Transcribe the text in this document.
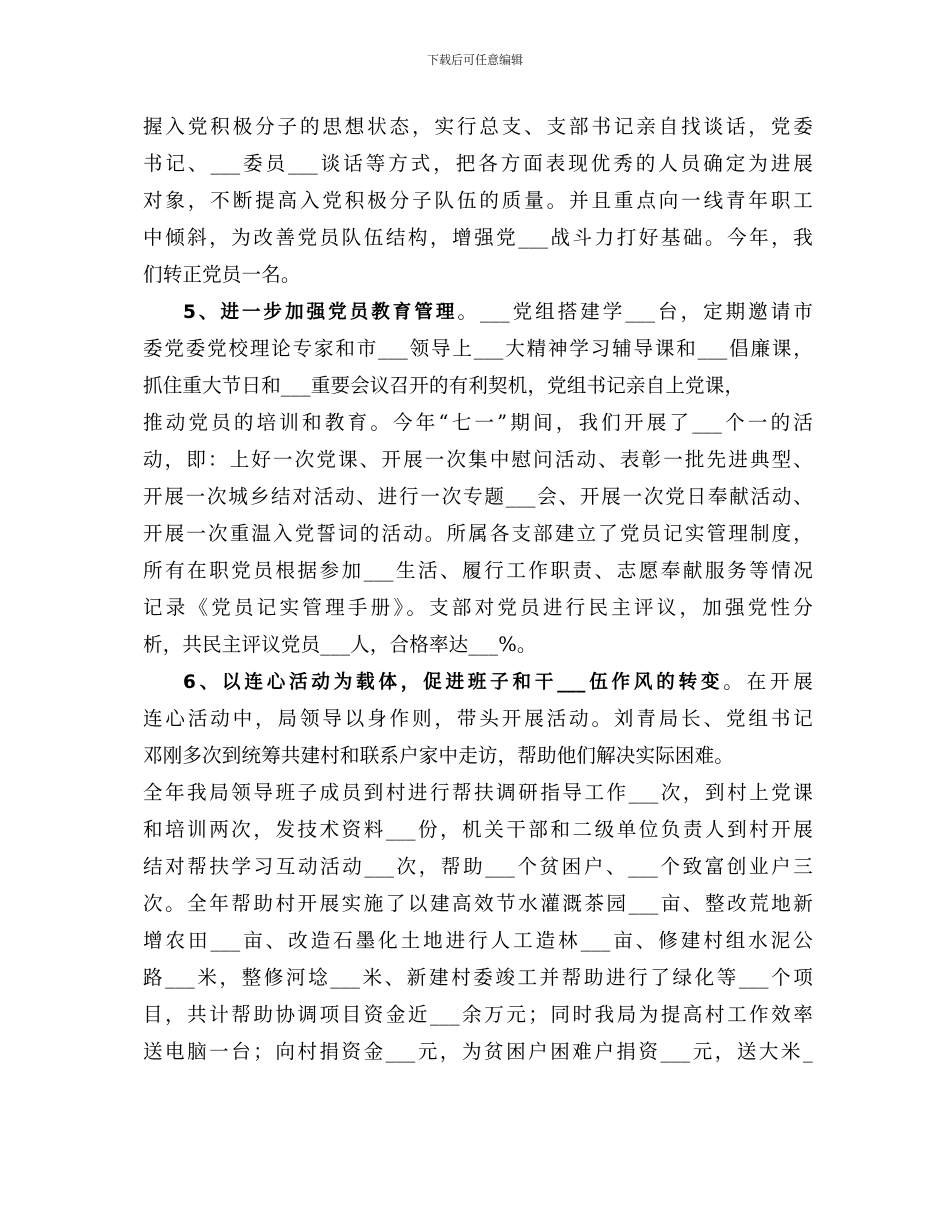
下载后可任意编辑
握入党积极分子的思想状态，实行总支、支部书记亲自找谈话，党委
书记、___委员___谈话等方式，把各方面表现优秀的人员确定为进展
对象，不断提高入党积极分子队伍的质量。并且重点向一线青年职工
中倾斜，为改善党员队伍结构，增强党___战斗力打好基础。今年，我
们转正党员一名。
5、进一步加强党员教育管理。___党组搭建学___台，定期邀请市
委党委党校理论专家和市___领导上___大精神学习辅导课和___倡廉课，
抓住重大节日和___重要会议召开的有利契机，党组书记亲自上党课，
推动党员的培训和教育。今年“七一”期间，我们开展了___个一的活
动，即：上好一次党课、开展一次集中慰问活动、表彰一批先进典型、
开展一次城乡结对活动、进行一次专题___会、开展一次党日奉献活动、
开展一次重温入党誓词的活动。所属各支部建立了党员记实管理制度，
所有在职党员根据参加___生活、履行工作职责、志愿奉献服务等情况
记录《党员记实管理手册》。支部对党员进行民主评议，加强党性分
析，共民主评议党员___人，合格率达___%。
6、以连心活动为载体，促进班子和干___伍作风的转变。在开展
连心活动中，局领导以身作则，带头开展活动。刘青局长、党组书记
邓刚多次到统筹共建村和联系户家中走访，帮助他们解决实际困难。
全年我局领导班子成员到村进行帮扶调研指导工作___次，到村上党课
和培训两次，发技术资料___份，机关干部和二级单位负责人到村开展
结对帮扶学习互动活动___次，帮助___个贫困户、___个致富创业户三
次。全年帮助村开展实施了以建高效节水灌溉茶园___亩、整改荒地新
增农田___亩、改造石墨化土地进行人工造林___亩、修建村组水泥公
路___米，整修河埝___米、新建村委竣工并帮助进行了绿化等___个项
目，共计帮助协调项目资金近___余万元；同时我局为提高村工作效率
送电脑一台；向村捐资金___元，为贫困户困难户捐资___元，送大米_
